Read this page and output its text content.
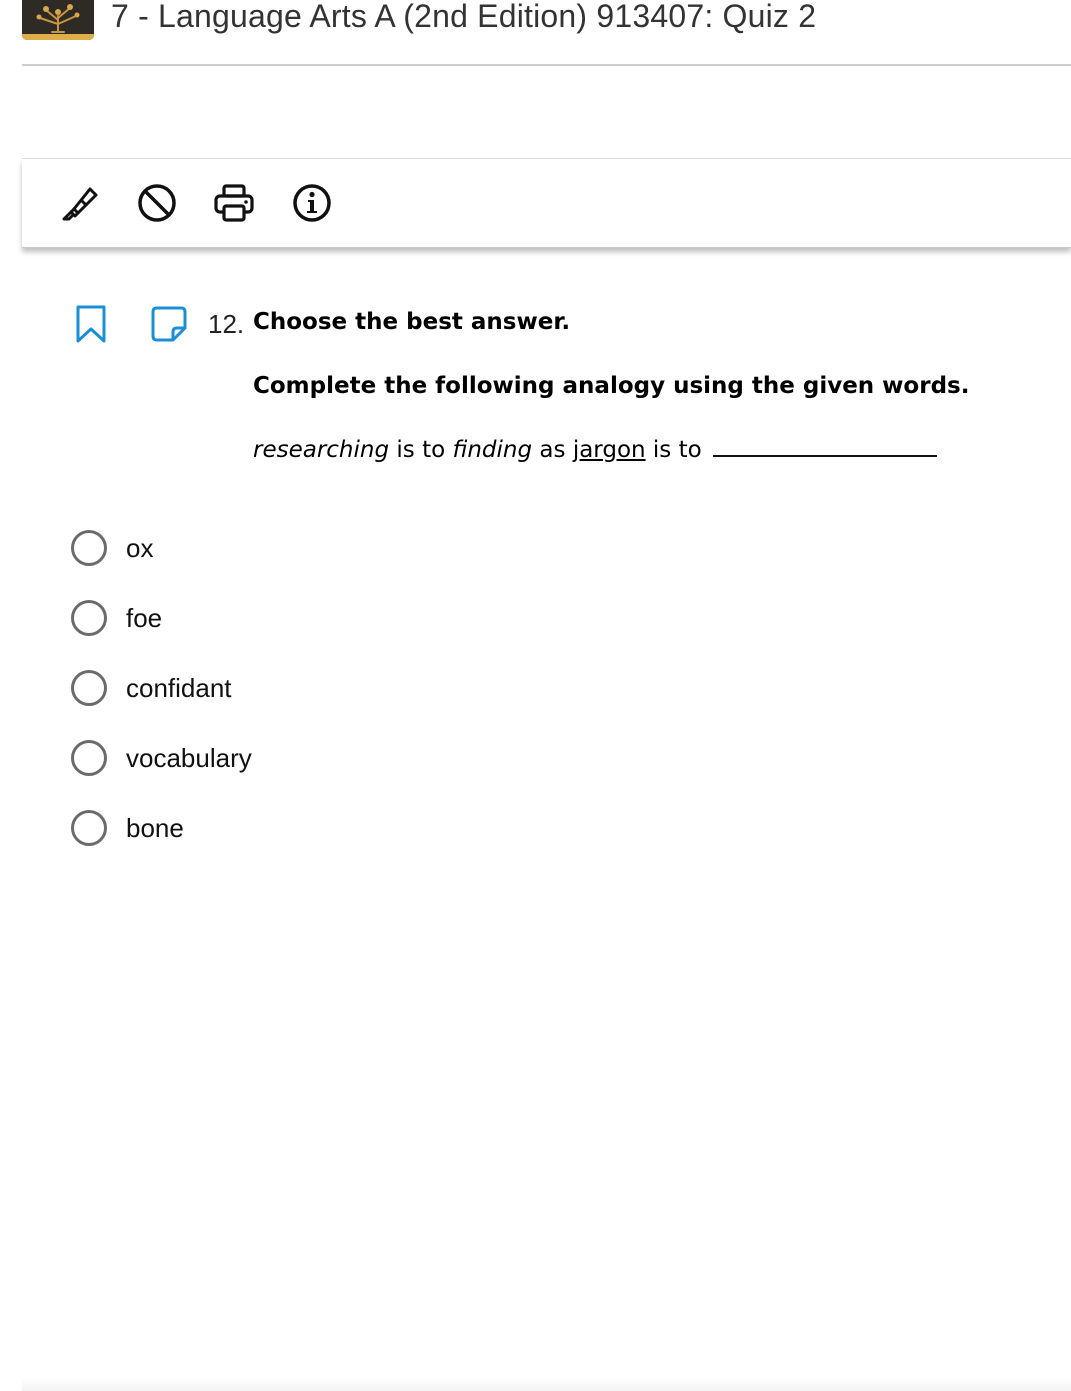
7 - Language Arts A (2nd Edition) 913407: Quiz 2
12. Choose the best answer.
Complete the following analogy using the given words.
researching is to finding as jargon is to
ox
foe
confidant
vocabulary
bone
